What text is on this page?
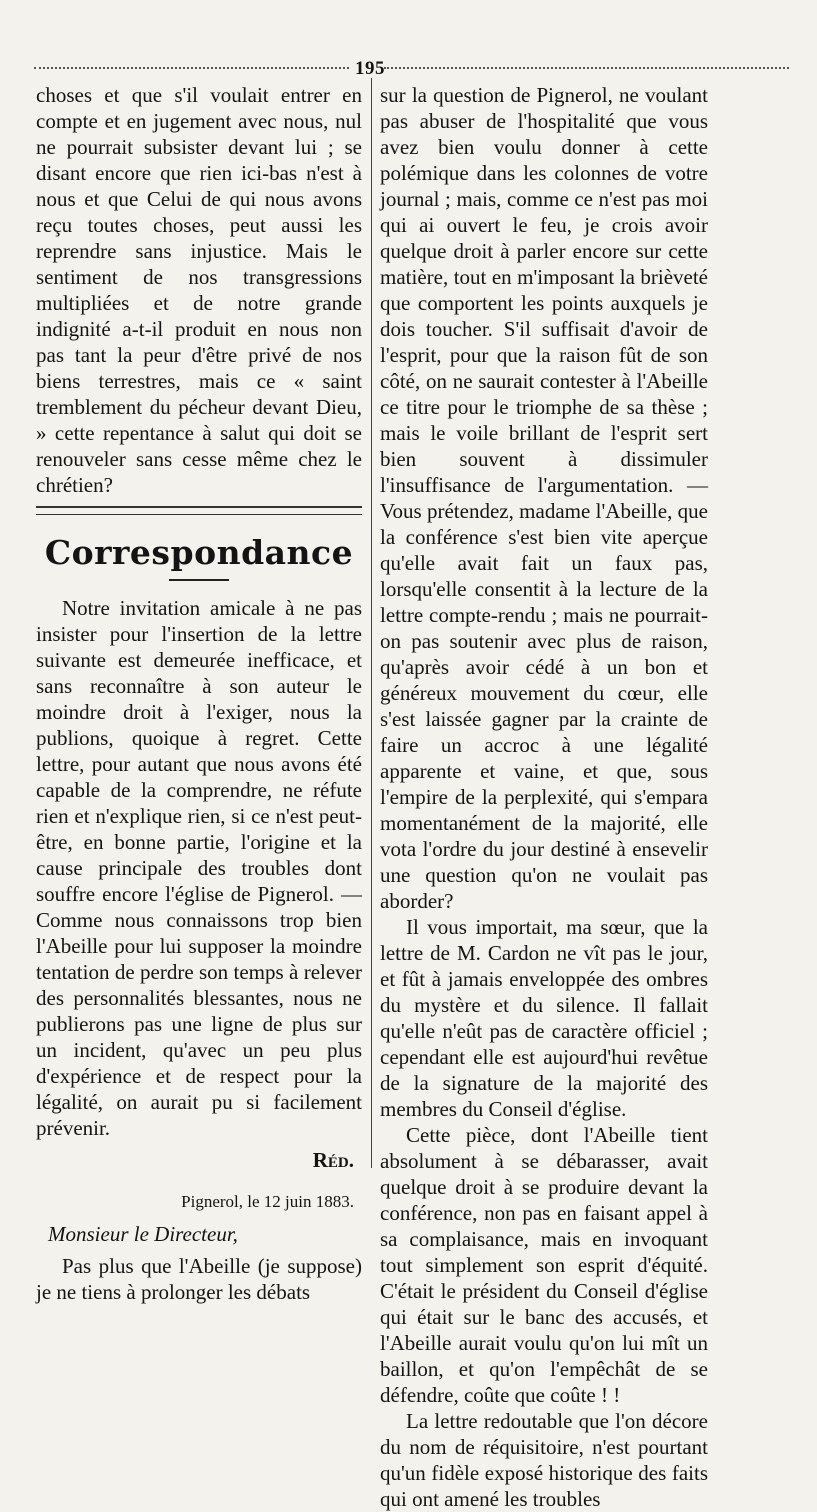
195

choses et que s'il voulait entrer en compte et en jugement avec nous, nul ne pourrait subsister devant lui ; se disant encore que rien ici-bas n'est à nous et que Celui de qui nous avons reçu toutes choses, peut aussi les reprendre sans injustice. Mais le sentiment de nos transgressions multipliées et de notre grande indignité a-t-il produit en nous non pas tant la peur d'être privé de nos biens terrestres, mais ce « saint tremblement du pécheur devant Dieu, » cette repentance à salut qui doit se renouveler sans cesse même chez le chrétien?

Correspondance

Notre invitation amicale à ne pas insister pour l'insertion de la lettre suivante est demeurée inefficace, et sans reconnaître à son auteur le moindre droit à l'exiger, nous la publions, quoique à regret. Cette lettre, pour autant que nous avons été capable de la comprendre, ne réfute rien et n'explique rien, si ce n'est peut-être, en bonne partie, l'origine et la cause principale des troubles dont souffre encore l'église de Pignerol. — Comme nous connaissons trop bien l'Abeille pour lui supposer la moindre tentation de perdre son temps à relever des personnalités blessantes, nous ne publierons pas une ligne de plus sur un incident, qu'avec un peu plus d'expérience et de respect pour la légalité, on aurait pu si facilement prévenir.

Réd.
Pignerol, le 12 juin 1883.
Monsieur le Directeur,

Pas plus que l'Abeille (je suppose) je ne tiens à prolonger les débats

sur la question de Pignerol, ne voulant pas abuser de l'hospitalité que vous avez bien voulu donner à cette polémique dans les colonnes de votre journal ; mais, comme ce n'est pas moi qui ai ouvert le feu, je crois avoir quelque droit à parler encore sur cette matière, tout en m'imposant la brièveté que comportent les points auxquels je dois toucher. S'il suffisait d'avoir de l'esprit, pour que la raison fût de son côté, on ne saurait contester à l'Abeille ce titre pour le triomphe de sa thèse ; mais le voile brillant de l'esprit sert bien souvent à dissimuler l'insuffisance de l'argumentation. — Vous prétendez, madame l'Abeille, que la conférence s'est bien vite aperçue qu'elle avait fait un faux pas, lorsqu'elle consentit à la lecture de la lettre compte-rendu ; mais ne pourrait-on pas soutenir avec plus de raison, qu'après avoir cédé à un bon et généreux mouvement du cœur, elle s'est laissée gagner par la crainte de faire un accroc à une légalité apparente et vaine, et que, sous l'empire de la perplexité, qui s'empara momentanément de la majorité, elle vota l'ordre du jour destiné à ensevelir une question qu'on ne voulait pas aborder?

Il vous importait, ma sœur, que la lettre de M. Cardon ne vît pas le jour, et fût à jamais enveloppée des ombres du mystère et du silence. Il fallait qu'elle n'eût pas de caractère officiel ; cependant elle est aujourd'hui revêtue de la signature de la majorité des membres du Conseil d'église.

Cette pièce, dont l'Abeille tient absolument à se débarasser, avait quelque droit à se produire devant la conférence, non pas en faisant appel à sa complaisance, mais en invoquant tout simplement son esprit d'équité. C'était le président du Conseil d'église qui était sur le banc des accusés, et l'Abeille aurait voulu qu'on lui mît un baillon, et qu'on l'empêchât de se défendre, coûte que coûte ! !

La lettre redoutable que l'on décore du nom de réquisitoire, n'est pourtant qu'un fidèle exposé historique des faits qui ont amené les troubles
